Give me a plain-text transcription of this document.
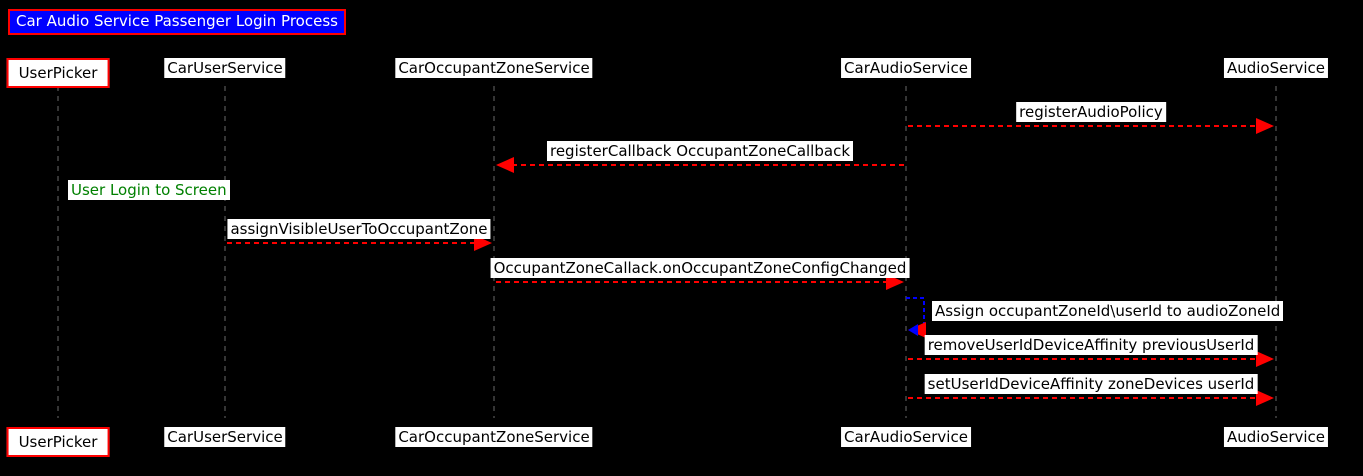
Car Audio Service Passenger Login Process
UserPicker
UserPicker
CarUserService
CarUserService
CarOccupantZoneService
CarOccupantZoneService
CarAudioService
CarAudioService
AudioService
AudioService
registerAudioPolicy
registerCallback OccupantZoneCallback
User Login to Screen
assignVisibleUserToOccupantZone
OccupantZoneCallack.onOccupantZoneConfigChanged
Assign occupantZoneId\userId to audioZoneId
removeUserIdDeviceAffinity previousUserId
setUserIdDeviceAffinity zoneDevices userId
